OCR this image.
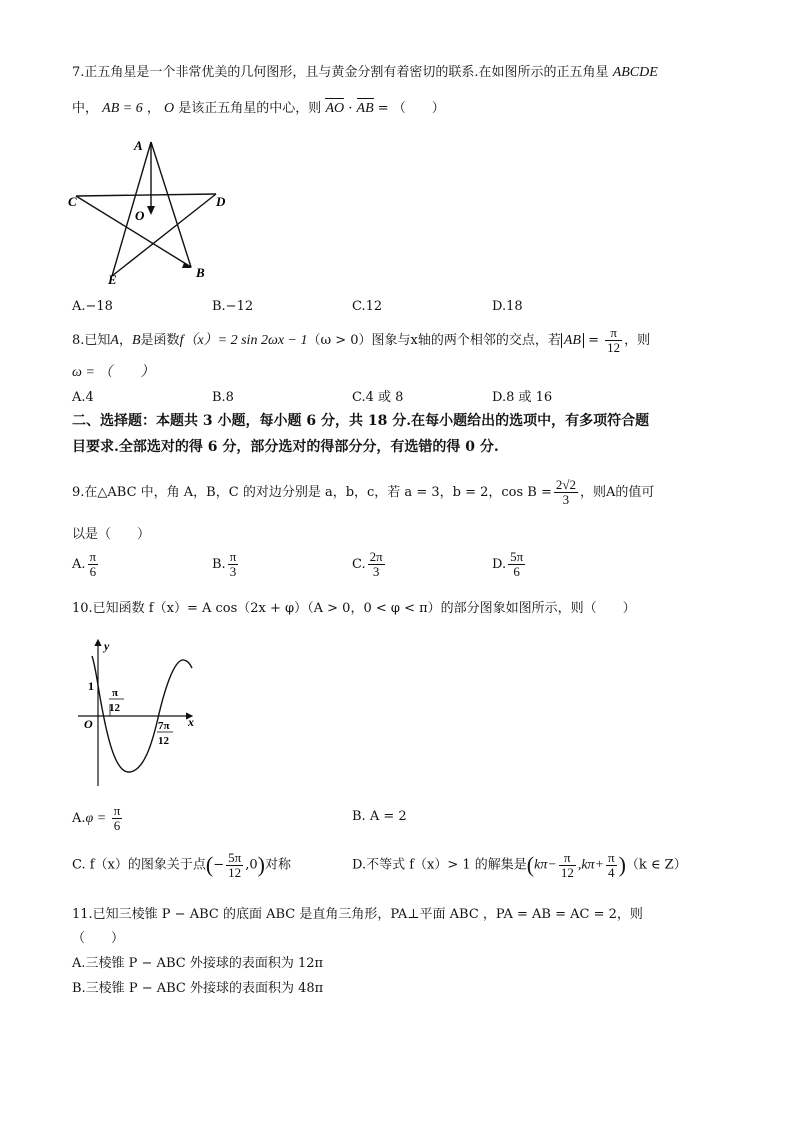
7.正五角星是一个非常优美的几何图形，且与黄金分割有着密切的联系.在如图所示的正五角星 ABCDE
中， AB = 6 ， O 是该正五角星的中心，则 AO · AB = （　　）
A
B
C	D
E
O
A.−18	B.−12	C.12	D.18
8.已知A，B是函数f（x）= 2 sin 2ωx − 1（ω > 0）图象与x轴的两个相邻的交点，若 AB = $\frac{\pi}{12}$ ，则
ω = （　　）
A.4	B.8	C.4 或 8	D.8 或 16
二、选择题：本题共 3 小题，每小题 6 分，共 18 分.在每小题给出的选项中，有多项符合题
目要求.全部选对的得 6 分，部分选对的得部分分，有选错的得 0 分.
9.在△ABC 中，角 A，B，C 的对边分别是 a，b，c，若 a = 3，b = 2，$\cos B = \frac{2√2}{3}$ ，则A的值可
以是（　　）
A. $\frac{\pi}{6}$	B. $\frac{\pi}{3}$	C. $\frac{2\pi}{3}$	D. $\frac{5\pi}{6}$
10.已知函数 f（x）= A cos（2x + φ）（A > 0，0 < φ < π）的部分图象如图所示，则（　　）
y
x
1
O
π
12
7π
12
$A.\varphi = \frac{\pi}{6}$	B. A = 2
C. f（x）的图象关于点(− $\frac{5\pi}{12} ,0$)对称	D.不等式 f（x）> 1 的解集是$(k\pi- \frac{\pi}{12} ,k\pi+ \frac{\pi}{4} )(k$ ∈ Z）
11.已知三棱锥 P − ABC 的底面 ABC 是直角三角形，PA⊥平面 ABC ，PA = AB = AC = 2，则
（　　）
A.三棱锥 P − ABC 外接球的表面积为 12π
B.三棱锥 P − ABC 外接球的表面积为 48π
